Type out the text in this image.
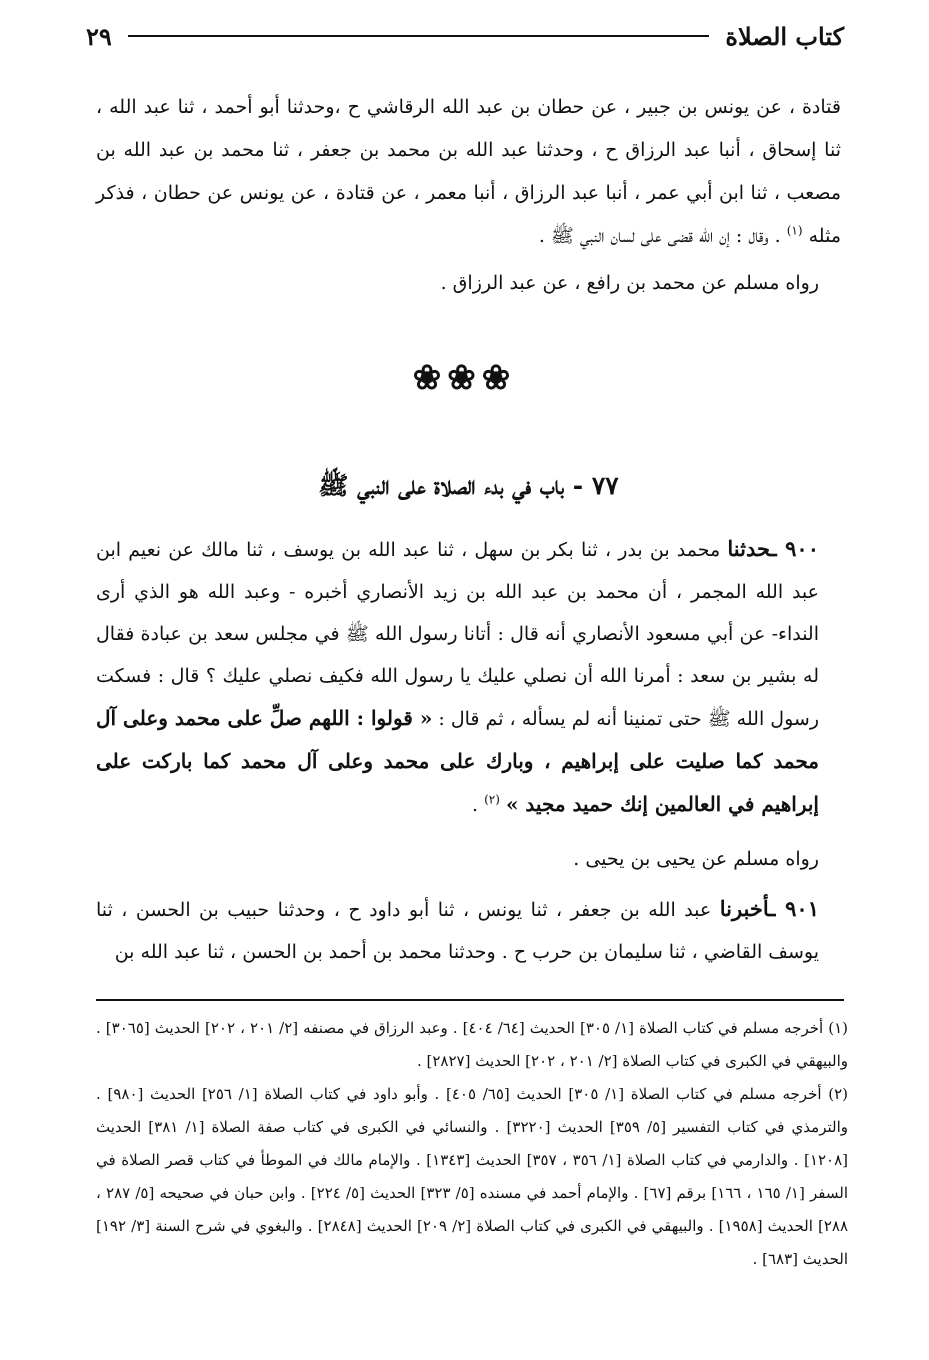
كتاب الصلاة
٢٩

قتادة ، عن يونس بن جبير ، عن حطان بن عبد الله الرقاشي ح ،وحدثنا أبو أحمد ، ثنا عبد الله ، ثنا إسحاق ، أنبا عبد الرزاق ح ، وحدثنا عبد الله بن محمد بن جعفر ، ثنا محمد بن عبد الله بن مصعب ، ثنا ابن أبي عمر ، أنبا عبد الرزاق ، أنبا معمر ، عن قتادة ، عن يونس عن حطان ، فذكر مثله $^{(١)}$ . وقال : إن الله قضى على لسان النبي ﷺ .

رواه مسلم عن محمد بن رافع ، عن عبد الرزاق .

❀❀❀
٧٧ - باب في بدء الصلاة على النبي ﷺ

٩٠٠ ـحدثنا محمد بن بدر ، ثنا بكر بن سهل ، ثنا عبد الله بن يوسف ، ثنا مالك عن نعيم ابن عبد الله المجمر ، أن محمد بن عبد الله بن زيد الأنصاري أخبره - وعبد الله هو الذي أرى النداء- عن أبي مسعود الأنصاري أنه قال : أتانا رسول الله ﷺ في مجلس سعد بن عبادة فقال له بشير بن سعد : أمرنا الله أن نصلي عليك يا رسول الله فكيف نصلي عليك ؟ قال : فسكت رسول الله ﷺ حتى تمنينا أنه لم يسأله ، ثم قال : « قولوا : اللهم صلِّ على محمد وعلى آل محمد كما صليت على إبراهيم ، وبارك على محمد وعلى آل محمد كما باركت على إبراهيم في العالمين إنك حميد مجيد » $^{(٢)}$ .

رواه مسلم عن يحيى بن يحيى .

٩٠١ ـأخبرنا عبد الله بن جعفر ، ثنا يونس ، ثنا أبو داود ح ، وحدثنا حبيب بن الحسن ، ثنا يوسف القاضي ، ثنا سليمان بن حرب ح . وحدثنا محمد بن أحمد بن الحسن ، ثنا عبد الله بن

(١) أخرجه مسلم في كتاب الصلاة [١/ ٣٠٥] الحديث [٦٤/ ٤٠٤] . وعبد الرزاق في مصنفه [٢/ ٢٠١ ، ٢٠٢] الحديث [٣٠٦٥] . والبيهقي في الكبرى في كتاب الصلاة [٢/ ٢٠١ ، ٢٠٢] الحديث [٢٨٢٧] .

(٢) أخرجه مسلم في كتاب الصلاة [١/ ٣٠٥] الحديث [٦٥/ ٤٠٥] . وأبو داود في كتاب الصلاة [١/ ٢٥٦] الحديث [٩٨٠] . والترمذي في كتاب التفسير [٥/ ٣٥٩] الحديث [٣٢٢٠] . والنسائي في الكبرى في كتاب صفة الصلاة [١/ ٣٨١] الحديث [١٢٠٨] . والدارمي في كتاب الصلاة [١/ ٣٥٦ ، ٣٥٧] الحديث [١٣٤٣] . والإمام مالك في الموطأ في كتاب قصر الصلاة في السفر [١/ ١٦٥ ، ١٦٦] برقم [٦٧] . والإمام أحمد في مسنده [٥/ ٣٢٣] الحديث [٥/ ٢٢٤] . وابن حبان في صحيحه [٥/ ٢٨٧ ، ٢٨٨] الحديث [١٩٥٨] . والبيهقي في الكبرى في كتاب الصلاة [٢/ ٢٠٩] الحديث [٢٨٤٨] . والبغوي في شرح السنة [٣/ ١٩٢] الحديث [٦٨٣] .
